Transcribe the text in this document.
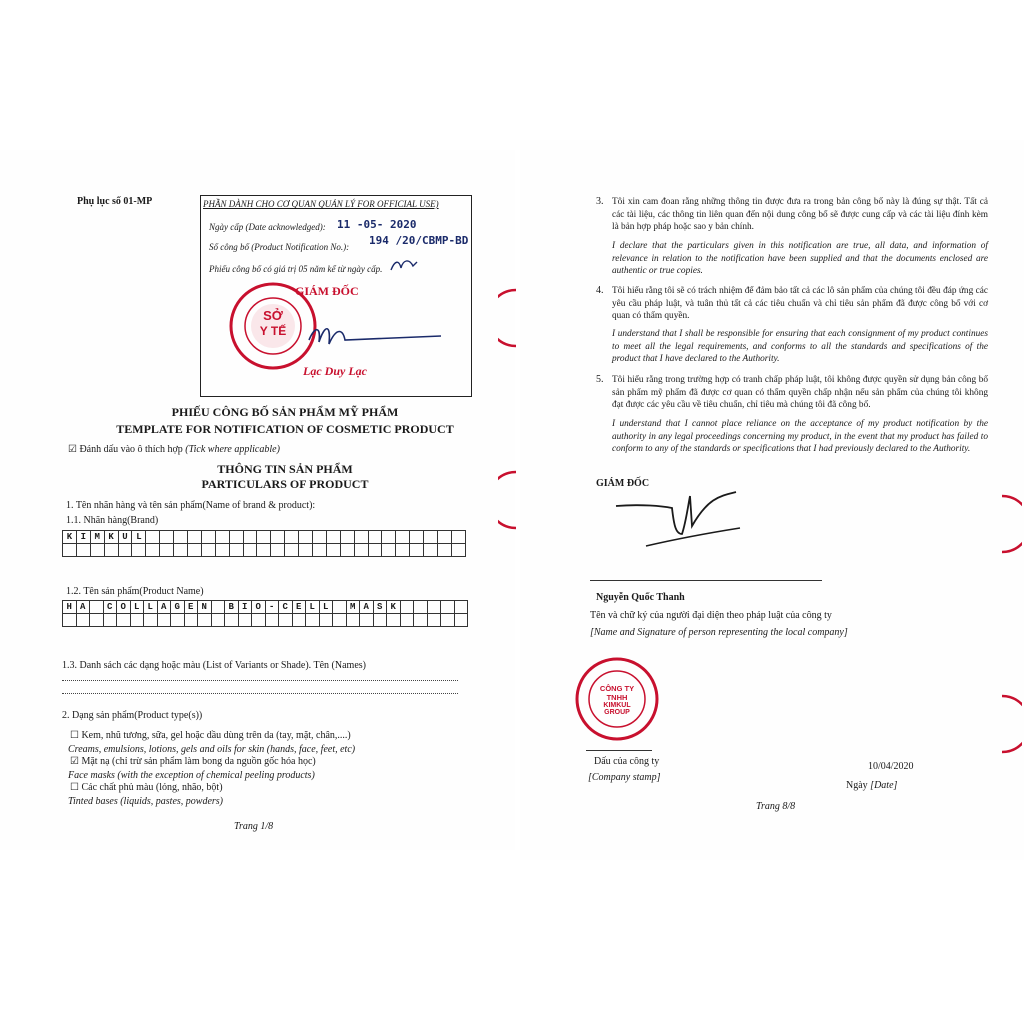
Phụ lục số 01-MP	PHẦN DÀNH CHO CƠ QUAN QUẢN LÝ FOR OFFICIAL USE)
Ngày cấp (Date acknowledged): 11 -05- 2020
Số công bố (Product Notification No.): 194 /20/CBMP-BD
Phiếu công bố có giá trị 05 năm kể từ ngày cấp.
SỞ
Y TẾ
GIÁM ĐỐC
Lạc Duy Lạc
PHIẾU CÔNG BỐ SẢN PHẨM MỸ PHẨM
TEMPLATE FOR NOTIFICATION OF COSMETIC PRODUCT
☑ Đánh dấu vào ô thích hợp (Tick where applicable)
THÔNG TIN SẢN PHẨM
PARTICULARS OF PRODUCT
1. Tên nhãn hàng và tên sản phẩm(Name of brand & product):
1.1. Nhãn hàng(Brand)
K I M K U L
1.2. Tên sản phẩm(Product Name)
H A	C O L L A G E N	B I O - C E L L	M A S K
1.3. Danh sách các dạng hoặc màu (List of Variants or Shade). Tên (Names)
2. Dạng sản phẩm(Product type(s))
☐ Kem, nhũ tương, sữa, gel hoặc dầu dùng trên da (tay, mặt, chân,....)
Creams, emulsions, lotions, gels and oils for skin (hands, face, feet, etc)
☑ Mặt nạ (chỉ trừ sản phẩm làm bong da nguồn gốc hóa học)
Face masks (with the exception of chemical peeling products)
☐ Các chất phủ màu (lỏng, nhão, bột)
Tinted bases (liquids, pastes, powders)
Trang 1/8
3. Tôi xin cam đoan rằng những thông tin được đưa ra trong bản công bố này là đúng sự thật. Tất cả các tài liệu, các thông tin liên quan đến nội dung công bố sẽ được cung cấp và các tài liệu đính kèm là bản hợp pháp hoặc sao y bản chính.
I declare that the particulars given in this notification are true, all data, and information of relevance in relation to the notification have been supplied and that the documents enclosed are authentic or true copies.
4. Tôi hiểu rằng tôi sẽ có trách nhiệm để đảm bảo tất cả các lô sản phẩm của chúng tôi đều đáp ứng các yêu cầu pháp luật, và tuân thủ tất cả các tiêu chuẩn và chỉ tiêu sản phẩm đã được công bố với cơ quan có thẩm quyền.
I understand that I shall be responsible for ensuring that each consignment of my product continues to meet all the legal requirements, and conforms to all the standards and specifications of the product that I have declared to the Authority.
5. Tôi hiểu rằng trong trường hợp có tranh chấp pháp luật, tôi không được quyền sử dụng bản công bố sản phẩm mỹ phẩm đã được cơ quan có thẩm quyền chấp nhận nếu sản phẩm của chúng tôi không đạt được các yêu cầu về tiêu chuẩn, chỉ tiêu mà chúng tôi đã công bố.
I understand that I cannot place reliance on the acceptance of my product notification by the authority in any legal proceedings concerning my product, in the event that my product has failed to conform to any of the standards or specifications that I had previously declared to the Authority.
GIÁM ĐỐC
Nguyễn Quốc Thanh
Tên và chữ ký của người đại diện theo pháp luật của công ty
[Name and Signature of person representing the local company]
CÔNG TY
TNHH
KIMKUL GROUP
Dấu của công ty
[Company stamp]
10/04/2020
Ngày [Date]
Trang 8/8
